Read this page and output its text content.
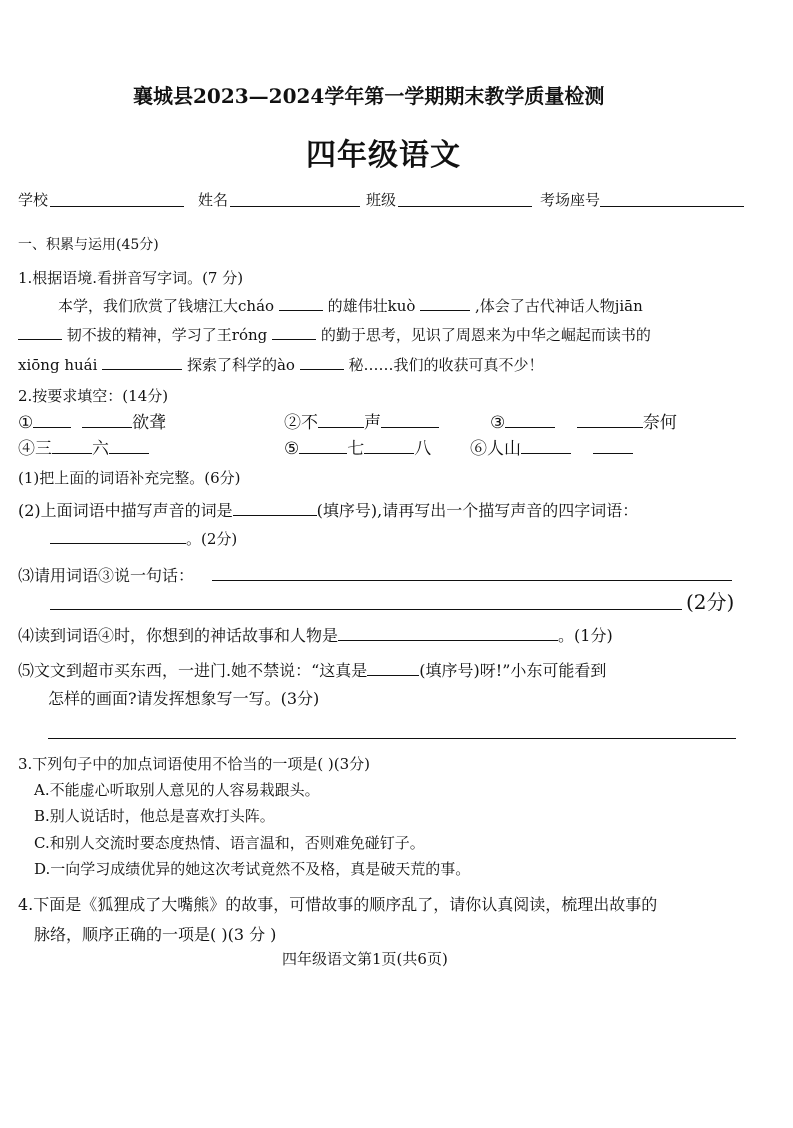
襄城县2023—2024学年第一学期期末教学质量检测
四年级语文
学校	姓名	班级	考场座号
一、积累与运用(45分)
1.根据语境.看拼音写字词。(7 分)
本学，我们欣赏了钱塘江大cháo	的雄伟壮kuò	,体会了古代神话人物jiān
韧不拔的精神，学习了王róng	的勤于思考，见识了周恩来为中华之崛起而读书的
xiōng huái	探索了科学的ào	秘……我们的收获可真不少！
2.按要求填空：(14分)
①	欲聋	②不	声	③	奈何
④三 六	⑤	七	八 ⑥人山
(1)把上面的词语补充完整。(6分)
(2)上面词语中描写声音的词是	(填序号),请再写出一个描写声音的四字词语：
。(2分)
⑶请用词语③说一句话：
(2分)
⑷读到词语④时，你想到的神话故事和人物是	。(1分)
⑸文文到超市买东西，一进门.她不禁说：“这真是	(填序号)呀!”小东可能看到
怎样的画面?请发挥想象写一写。(3分)
3.下列句子中的加点词语使用不恰当的一项是( )(3分)
A.不能虚心听取别人意见的人容易栽跟头。
B.别人说话时，他总是喜欢打头阵。
C.和别人交流时要态度热情、语言温和，否则难免碰钉子。
D.一向学习成绩优异的她这次考试竟然不及格，真是破天荒的事。
4.下面是《狐狸成了大嘴熊》的故事，可惜故事的顺序乱了，请你认真阅读，梳理出故事的
脉络，顺序正确的一项是( )(3 分 )
四年级语文第1页(共6页)
